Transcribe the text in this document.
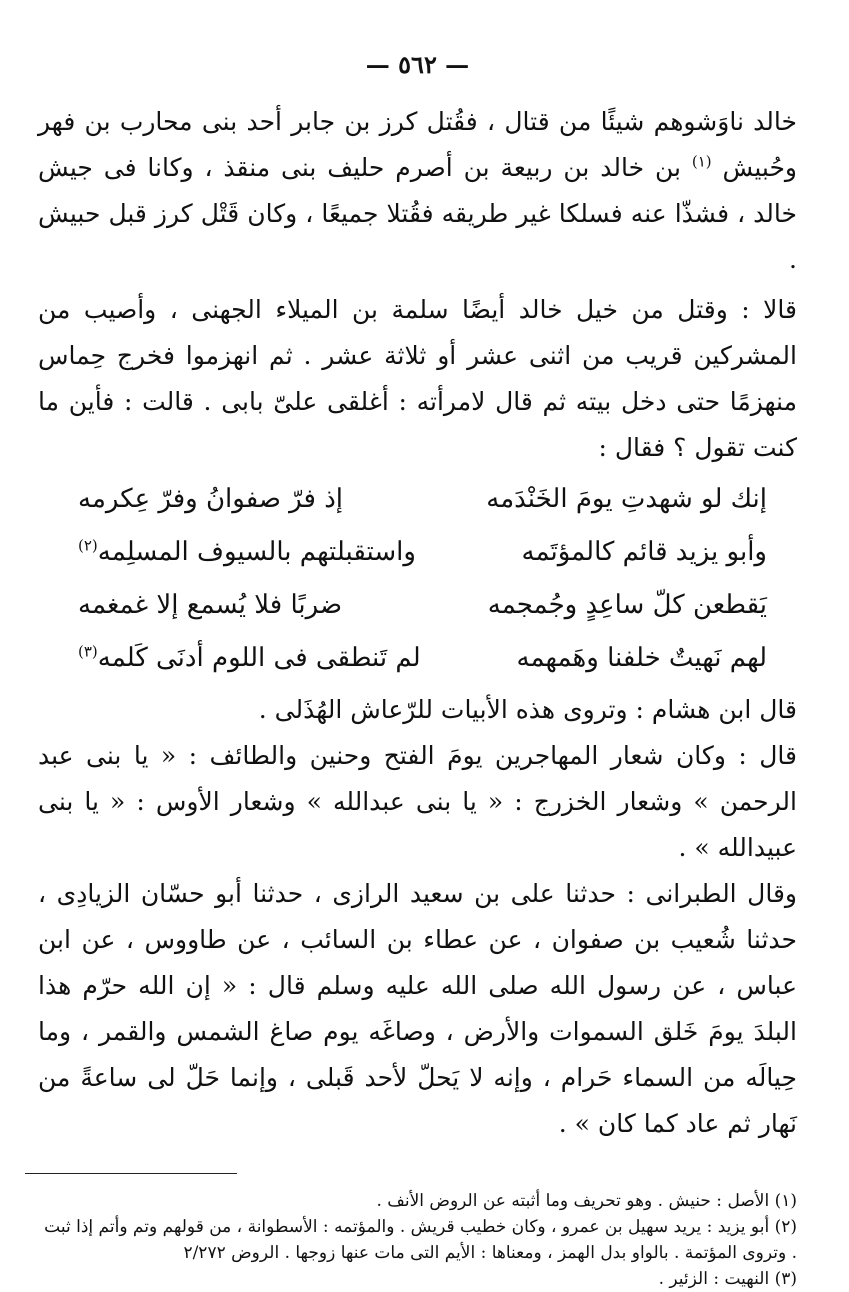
— ٥٦٢ —

خالد ناوَشوهم شيئًا من قتال ، فقُتل كرز بن جابر أحد بنى محارب بن فهر وحُبيش $^{(١)}$ بن خالد بن ربيعة بن أصرم حليف بنى منقذ ، وكانا فى جيش خالد ، فشذّا عنه فسلكا غير طريقه فقُتلا جميعًا ، وكان قَتْل كرز قبل حبيش .

قالا : وقتل من خيل خالد أيضًا سلمة بن الميلاء الجهنى ، وأصيب من المشركين قريب من اثنى عشر أو ثلاثة عشر . ثم انهزموا فخرج حِماس منهزمًا حتى دخل بيته ثم قال لامرأته : أغلقى علىّ بابى . قالت : فأين ما كنت تقول ؟ فقال :

إنك لو شهدتِ يومَ الخَنْدَمه
إذ فرّ صفوانُ وفرّ عِكرمه
وأبو يزيد قائم كالمؤتَمه
واستقبلتهم بالسيوف المسلِمه$^{(٢)}$
يَقطعن كلّ ساعِدٍ وجُمجمه
ضربًا فلا يُسمع إلا غمغمه
لهم نَهيتٌ خلفنا وهَمهمه
لم تَنطقى فى اللوم أدنَى كَلمه$^{(٣)}$

قال ابن هشام : وتروى هذه الأبيات للرّعاش الهُذَلى .

قال : وكان شعار المهاجرين يومَ الفتح وحنين والطائف : « يا بنى عبد الرحمن » وشعار الخزرج : « يا بنى عبدالله » وشعار الأوس : « يا بنى عبيدالله » .

وقال الطبرانى : حدثنا على بن سعيد الرازى ، حدثنا أبو حسّان الزيادِى ، حدثنا شُعيب بن صفوان ، عن عطاء بن السائب ، عن طاووس ، عن ابن عباس ، عن رسول الله صلى الله عليه وسلم قال : « إن الله حرّم هذا البلدَ يومَ خَلق السموات والأرض ، وصاغَه يوم صاغ الشمس والقمر ، وما حِيالَه من السماء حَرام ، وإنه لا يَحلّ لأحد قَبلى ، وإنما حَلّ لى ساعةً من نَهار ثم عاد كما كان » .

(١) الأصل : حنيش . وهو تحريف وما أثبته عن الروض الأنف .

(٢) أبو يزيد : يريد سهيل بن عمرو ، وكان خطيب قريش . والمؤتمه : الأسطوانة ، من قولهم وتم وأتم إذا ثبت . وتروى المؤتمة . بالواو بدل الهمز ، ومعناها : الأيم التى مات عنها زوجها . الروض ٢/٢٧٢

(٣) النهيت : الزئير .
